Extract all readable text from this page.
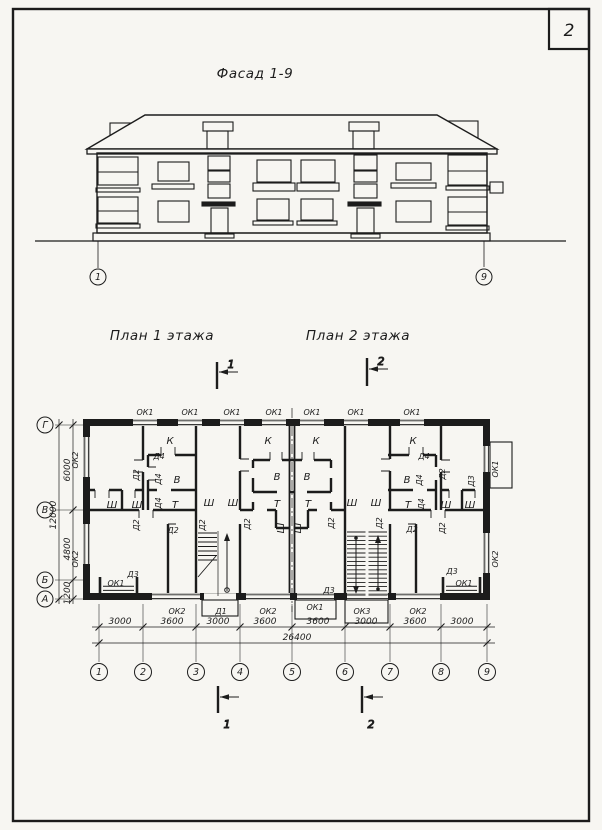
2
Фасад 1-9
1	9
План 1 этажа	План 2 этажа
1	2
1	2
ОК1	ОК1	ОК1	ОК1	ОК1	ОК1	ОК1
ОК2
ОК2
ОК1
ОК2
ОК1
ОК2	Д1	ОК2	ОК1	ОК3	ОК2
ОК1
Д3
Д3
Д3
Д3
К	К	К	К
В	В В	В
Т	Т Т	Т
Ш Ш	Ш Ш	Ш Ш	Ш Ш
Ш Ш
Д4	Д4
Д4
Д4
Д4
Д4
Д2	Д2
Д2	Д2	Д2	Д2	Д2	Д2
Д2	Д2
3000	3600	3000	3600	3600	3000	3600	3000
26400
6000
4800
1200
12000
1	2	3	4	5	6	7	8	9
Г
В
Б
А
